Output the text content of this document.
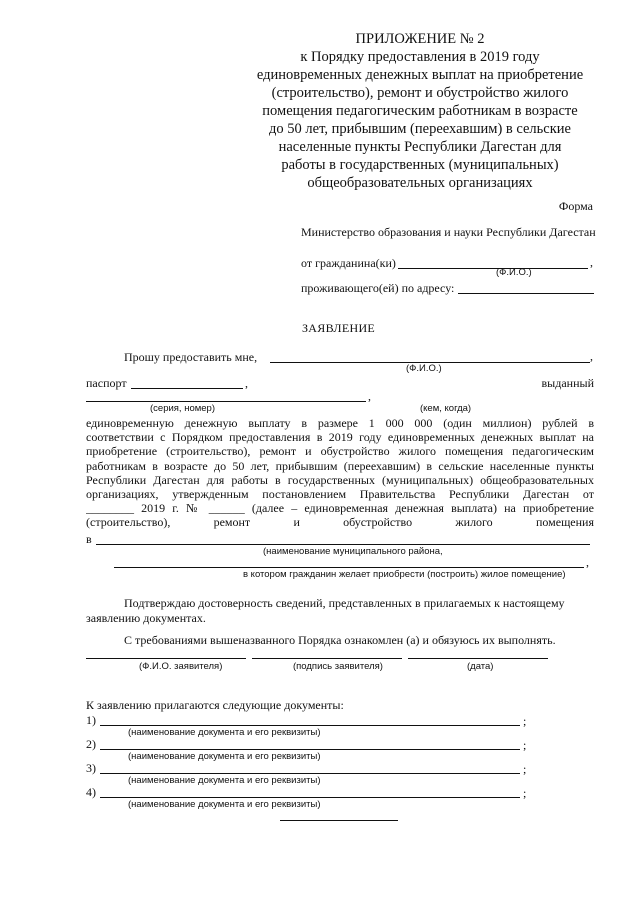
ПРИЛОЖЕНИЕ № 2
к Порядку предоставления в 2019 году
единовременных денежных выплат на приобретение
(строительство), ремонт и обустройство жилого
помещения педагогическим работникам в возрасте
до 50 лет, прибывшим (переехавшим) в сельские
населенные пункты Республики Дагестан для
работы в государственных (муниципальных)
общеобразовательных организациях
Форма
Министерство образования и науки Республики Дагестан
от гражданина(ки)	,
(Ф.И.О.)
проживающего(ей) по адресу:
ЗАЯВЛЕНИЕ
Прошу предоставить мне,	,
(Ф.И.О.)
паспорт	,	выданный
,
(серия, номер)	(кем, когда)
единовременную денежную выплату в размере 1 000 000 (один миллион) рублей в
соответствии с Порядком предоставления в 2019 году единовременных денежных выплат на
приобретение (строительство), ремонт и обустройство жилого помещения педагогическим
работникам в возрасте до 50 лет, прибывшим (переехавшим) в сельские населенные пункты
Республики Дагестан для работы в государственных (муниципальных) общеобразовательных
организациях, утвержденным постановлением Правительства Республики Дагестан от
________ 2019 г. № ______ (далее – единовременная денежная выплата) на приобретение
(строительство), ремонт и обустройство жилого помещения
в
(наименование муниципального района,
,
в котором гражданин желает приобрести (построить) жилое помещение)
Подтверждаю достоверность сведений, представленных в прилагаемых к настоящему заявлению документах.
С требованиями вышеназванного Порядка ознакомлен (а) и обязуюсь их выполнять.
(Ф.И.О. заявителя)	(подпись заявителя)	(дата)
К заявлению прилагаются следующие документы:
1)	;
(наименование документа и его реквизиты)
2)	;
(наименование документа и его реквизиты)
3)	;
(наименование документа и его реквизиты)
4)	;
(наименование документа и его реквизиты)
